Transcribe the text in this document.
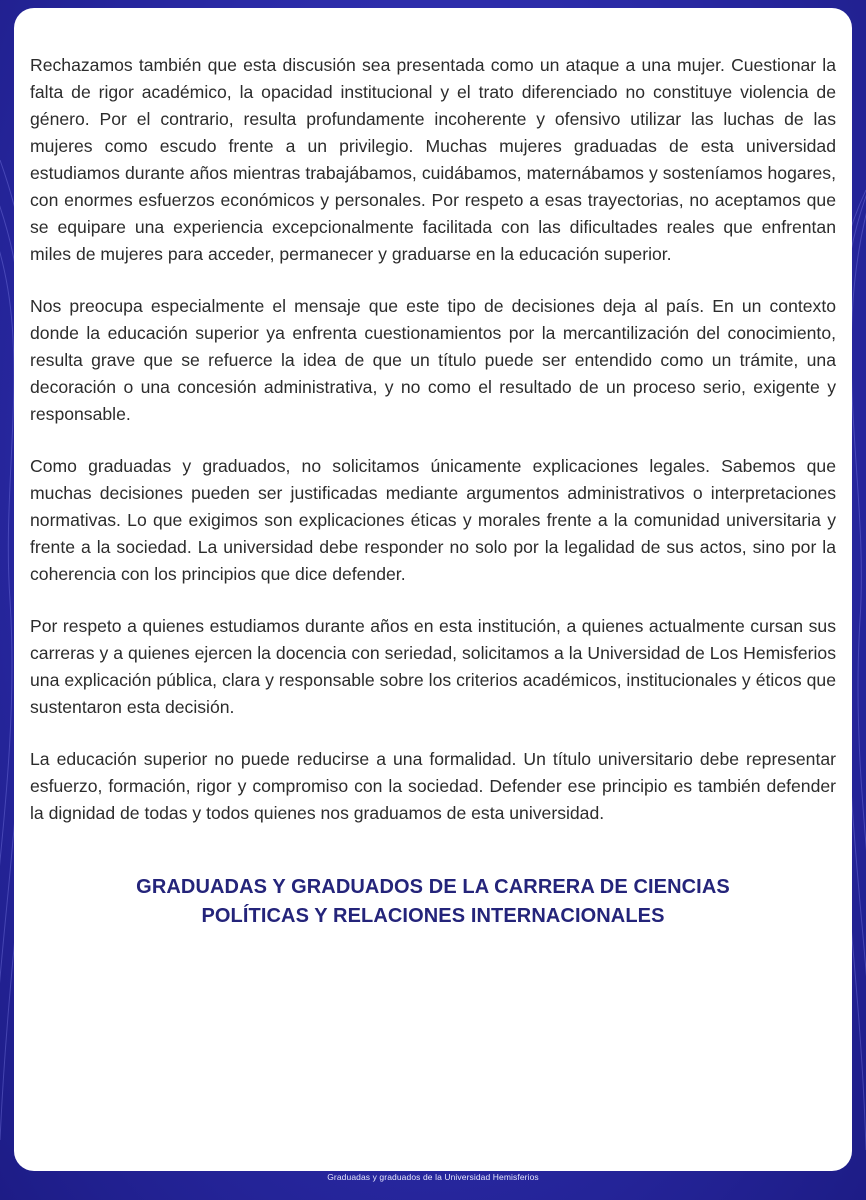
Rechazamos también que esta discusión sea presentada como un ataque a una mujer. Cuestionar la falta de rigor académico, la opacidad institucional y el trato diferenciado no constituye violencia de género. Por el contrario, resulta profundamente incoherente y ofensivo utilizar las luchas de las mujeres como escudo frente a un privilegio. Muchas mujeres graduadas de esta universidad estudiamos durante años mientras trabajábamos, cuidábamos, maternábamos y sosteníamos hogares, con enormes esfuerzos económicos y personales. Por respeto a esas trayectorias, no aceptamos que se equipare una experiencia excepcionalmente facilitada con las dificultades reales que enfrentan miles de mujeres para acceder, permanecer y graduarse en la educación superior.

Nos preocupa especialmente el mensaje que este tipo de decisiones deja al país. En un contexto donde la educación superior ya enfrenta cuestionamientos por la mercantilización del conocimiento, resulta grave que se refuerce la idea de que un título puede ser entendido como un trámite, una decoración o una concesión administrativa, y no como el resultado de un proceso serio, exigente y responsable.

Como graduadas y graduados, no solicitamos únicamente explicaciones legales. Sabemos que muchas decisiones pueden ser justificadas mediante argumentos administrativos o interpretaciones normativas. Lo que exigimos son explicaciones éticas y morales frente a la comunidad universitaria y frente a la sociedad. La universidad debe responder no solo por la legalidad de sus actos, sino por la coherencia con los principios que dice defender.

Por respeto a quienes estudiamos durante años en esta institución, a quienes actualmente cursan sus carreras y a quienes ejercen la docencia con seriedad, solicitamos a la Universidad de Los Hemisferios una explicación pública, clara y responsable sobre los criterios académicos, institucionales y éticos que sustentaron esta decisión.

La educación superior no puede reducirse a una formalidad. Un título universitario debe representar esfuerzo, formación, rigor y compromiso con la sociedad. Defender ese principio es también defender la dignidad de todas y todos quienes nos graduamos de esta universidad.

GRADUADAS Y GRADUADOS DE LA CARRERA DE CIENCIAS
POLÍTICAS Y RELACIONES INTERNACIONALES
Graduadas y graduados de la Universidad Hemisferios
